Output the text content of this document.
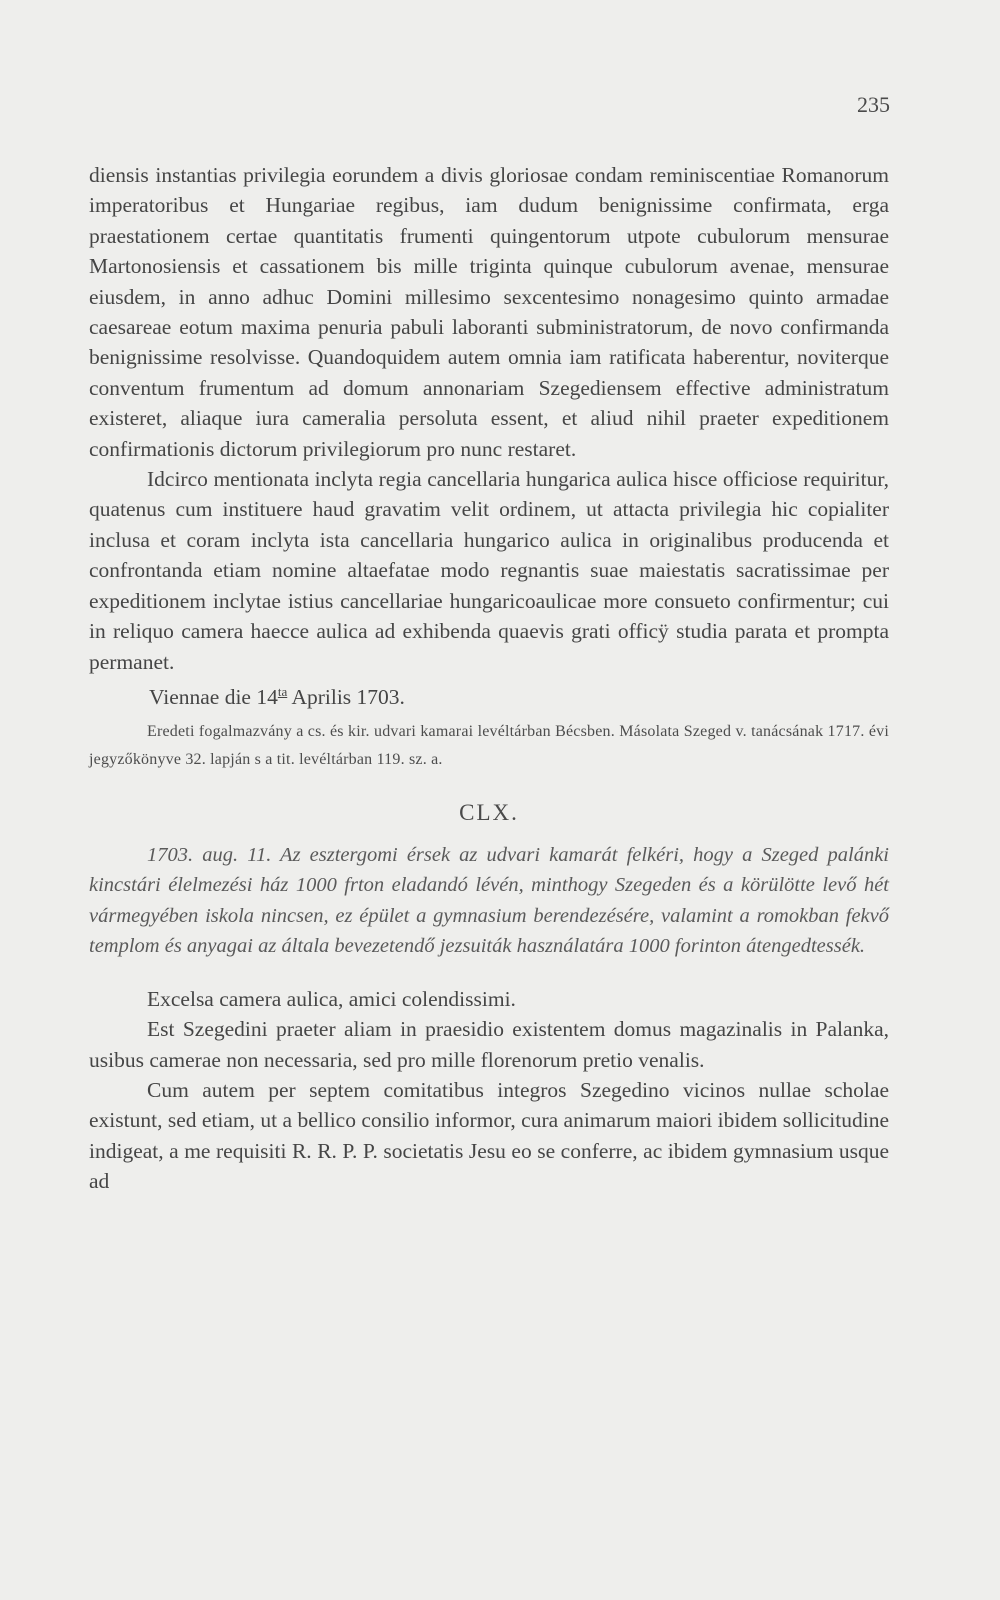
235

diensis instantias privilegia eorundem a divis gloriosae condam reminiscentiae Romanorum imperatoribus et Hungariae regibus, iam dudum benignissime confirmata, erga praestationem certae quantitatis frumenti quingentorum utpote cubulorum mensurae Martonosiensis et cassationem bis mille triginta quinque cubulorum avenae, mensurae eiusdem, in anno adhuc Domini millesimo sexcentesimo nonagesimo quinto armadae caesareae eotum maxima penuria pabuli laboranti subministratorum, de novo confirmanda benignissime resolvisse. Quandoquidem autem omnia iam ratificata haberentur, noviterque conventum frumentum ad domum annonariam Szegediensem effective administratum existeret, aliaque iura cameralia persoluta essent, et aliud nihil praeter expeditionem confirmationis dictorum privilegiorum pro nunc restaret.

Idcirco mentionata inclyta regia cancellaria hungarica aulica hisce officiose requiritur, quatenus cum instituere haud gravatim velit ordinem, ut attacta privilegia hic copialiter inclusa et coram inclyta ista cancellaria hungarico aulica in originalibus producenda et confrontanda etiam nomine altaefatae modo regnantis suae maiestatis sacratissimae per expeditionem inclytae istius cancellariae hungaricoaulicae more consueto confirmentur; cui in reliquo camera haecce aulica ad exhibenda quaevis grati officÿ studia parata et prompta permanet.

Viennae die $14^{ta}$ Aprilis 1703.

Eredeti fogalmazvány a cs. és kir. udvari kamarai levéltárban Bécsben. Másolata Szeged v. tanácsának 1717. évi jegyzőkönyve 32. lapján s a tit. levéltárban 119. sz. a.

CLX.

1703. aug. 11. Az esztergomi érsek az udvari kamarát felkéri, hogy a Szeged palánki kincstári élelmezési ház 1000 frton eladandó lévén, minthogy Szegeden és a körülötte levő hét vármegyében iskola nincsen, ez épület a gymnasium berendezésére, valamint a romokban fekvő templom és anyagai az általa bevezetendő jezsuiták használatára 1000 forinton átengedtessék.

Excelsa camera aulica, amici colendissimi.

Est Szegedini praeter aliam in praesidio existentem domus magazinalis in Palanka, usibus camerae non necessaria, sed pro mille florenorum pretio venalis.

Cum autem per septem comitatibus integros Szegedino vicinos nullae scholae existunt, sed etiam, ut a bellico consilio informor, cura animarum maiori ibidem sollicitudine indigeat, a me requisiti R. R. P. P. societatis Jesu eo se conferre, ac ibidem gymnasium usque ad
